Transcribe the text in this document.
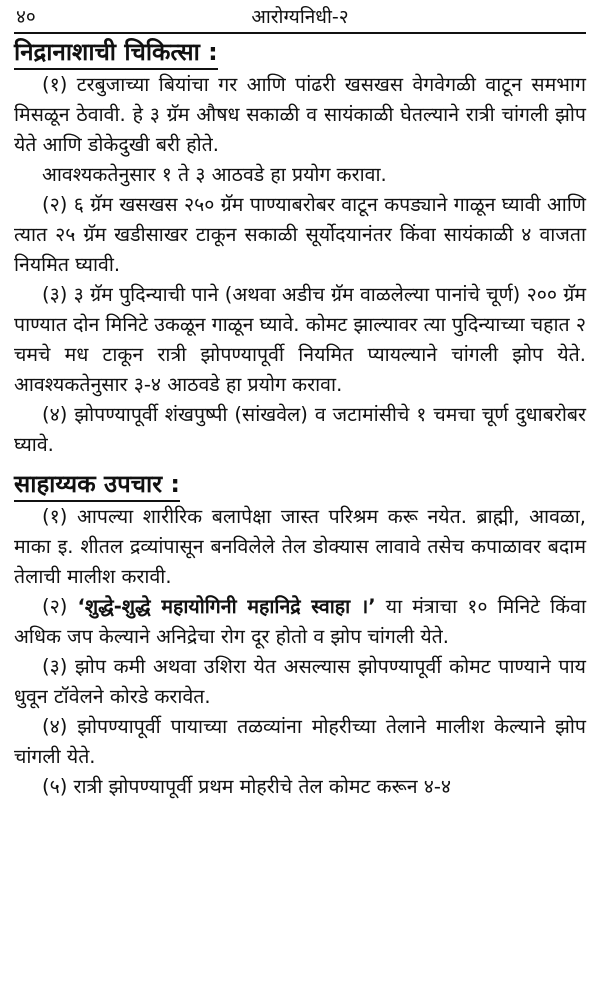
४०	आरोग्यनिधी-२
निद्रानाशाची चिकित्सा :

(१) टरबुजाच्या बियांचा गर आणि पांढरी खसखस वेगवेगळी वाटून समभाग मिसळून ठेवावी. हे ३ ग्रॅम औषध सकाळी व सायंकाळी घेतल्याने रात्री चांगली झोप येते आणि डोकेदुखी बरी होते.

आवश्यकतेनुसार १ ते ३ आठवडे हा प्रयोग करावा.

(२) ६ ग्रॅम खसखस २५० ग्रॅम पाण्याबरोबर वाटून कपड्याने गाळून घ्यावी आणि त्यात २५ ग्रॅम खडीसाखर टाकून सकाळी सूर्योदयानंतर किंवा सायंकाळी ४ वाजता नियमित घ्यावी.

(३) ३ ग्रॅम पुदिन्याची पाने (अथवा अडीच ग्रॅम वाळलेल्या पानांचे चूर्ण) २०० ग्रॅम पाण्यात दोन मिनिटे उकळून गाळून घ्यावे. कोमट झाल्यावर त्या पुदिन्याच्या चहात २ चमचे मध टाकून रात्री झोपण्यापूर्वी नियमित प्यायल्याने चांगली झोप येते. आवश्यकतेनुसार ३-४ आठवडे हा प्रयोग करावा.

(४) झोपण्यापूर्वी शंखपुष्पी (सांखवेल) व जटामांसीचे १ चमचा चूर्ण दुधाबरोबर घ्यावे.

साहाय्यक उपचार :

(१) आपल्या शारीरिक बलापेक्षा जास्त परिश्रम करू नयेत. ब्राह्मी, आवळा, माका इ. शीतल द्रव्यांपासून बनविलेले तेल डोक्यास लावावे तसेच कपाळावर बदाम तेलाची मालीश करावी.

(२) ‘शुद्धे-शुद्धे महायोगिनी महानिद्रे स्वाहा ।’ या मंत्राचा १० मिनिटे किंवा अधिक जप केल्याने अनिद्रेचा रोग दूर होतो व झोप चांगली येते.

(३) झोप कमी अथवा उशिरा येत असल्यास झोपण्यापूर्वी कोमट पाण्याने पाय धुवून टॉवेलने कोरडे करावेत.

(४) झोपण्यापूर्वी पायाच्या तळव्यांना मोहरीच्या तेलाने मालीश केल्याने झोप चांगली येते.

(५) रात्री झोपण्यापूर्वी प्रथम मोहरीचे तेल कोमट करून ४-४
